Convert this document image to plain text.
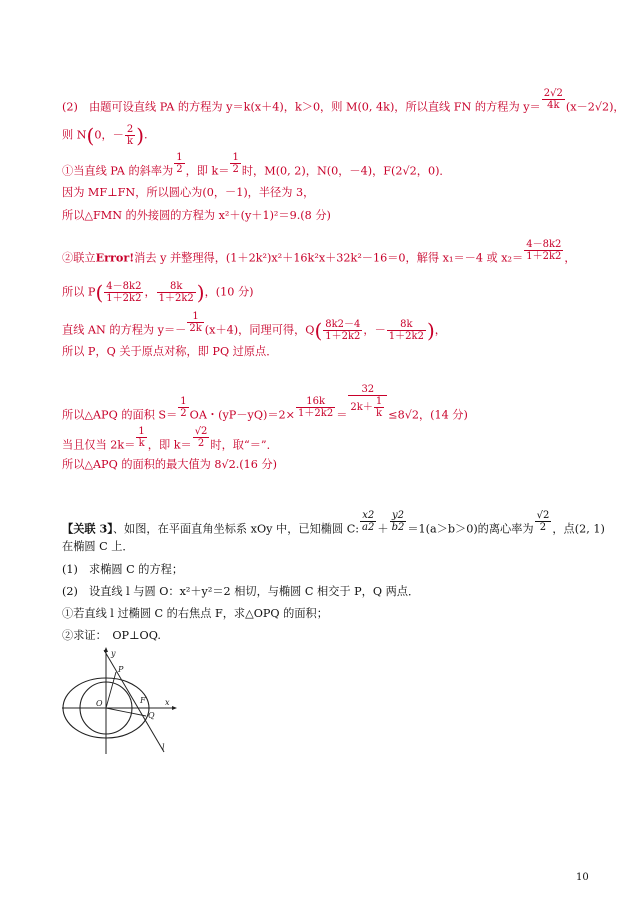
(2)　由题可设直线 PA 的方程为 y＝k(x＋4)，k＞0，则 M(0, 4k)，所以直线 FN 的方程为 $y= \frac{2√2}{4k} (x-2√2)$，
则 N(0，－ $\frac{2}{k}$ ).
①当直线 PA 的斜率为 $\frac{1}{2}$ ，即 $k= \frac{1}{2}$ 时，M(0, 2)，N(0，－4)，F(2√2，0)．
因为 MF⊥FN，所以圆心为(0，－1)，半径为 3，
所以△FMN 的外接圆的方程为 x²＋(y＋1)²＝9.(8 分)
②联立Error!消去 y 并整理得，(1＋2k²)x²＋16k²x＋32k²－16＝0，解得 x₁＝－4 或 $x_2= \frac{4-8k2}{1+2k2}$ ，
所以 $P( \frac{4-8k2}{1+2k2}$ ， $\frac{8k}{1+2k2}$ )，(10 分)
直线 AN 的方程为 $y=- \frac{1}{2k} (x+4)$，同理可得，$Q( \frac{8k2-4}{1+2k2}$ ，－ $\frac{8k}{1+2k2}$ )，
所以 P，Q 关于原点对称，即 PQ 过原点．
所以△APQ 的面积 $S= \frac{1}{2}$ OA・$(yP-yQ)=2\times \frac{16k}{1+2k2} = \frac{32}{2k+ \frac{1}{k}} \le 8√2$，(14 分)
当且仅当 $2k= \frac{1}{k}$ ，即 $k= \frac{√2}{2}$ 时，取“＝”．
所以△APQ 的面积的最大值为 8√2.(16 分)
【关联 3】、如图，在平面直角坐标系 xOy 中，已知椭圆 C: $\frac{x2}{a2} + \frac{y2}{b2} =1(a>b>0)$的离心率为 $\frac{√2}{2}$ ，点(2, 1)
在椭圆 C 上．
(1)　求椭圆 C 的方程；
(2)　设直线 l 与圆 O：x²＋y²＝2 相切，与椭圆 C 相交于 P，Q 两点．
①若直线 l 过椭圆 C 的右焦点 F，求△OPQ 的面积；
②求证：　OP⊥OQ.
y
x
O
P
F
Q
l
10
